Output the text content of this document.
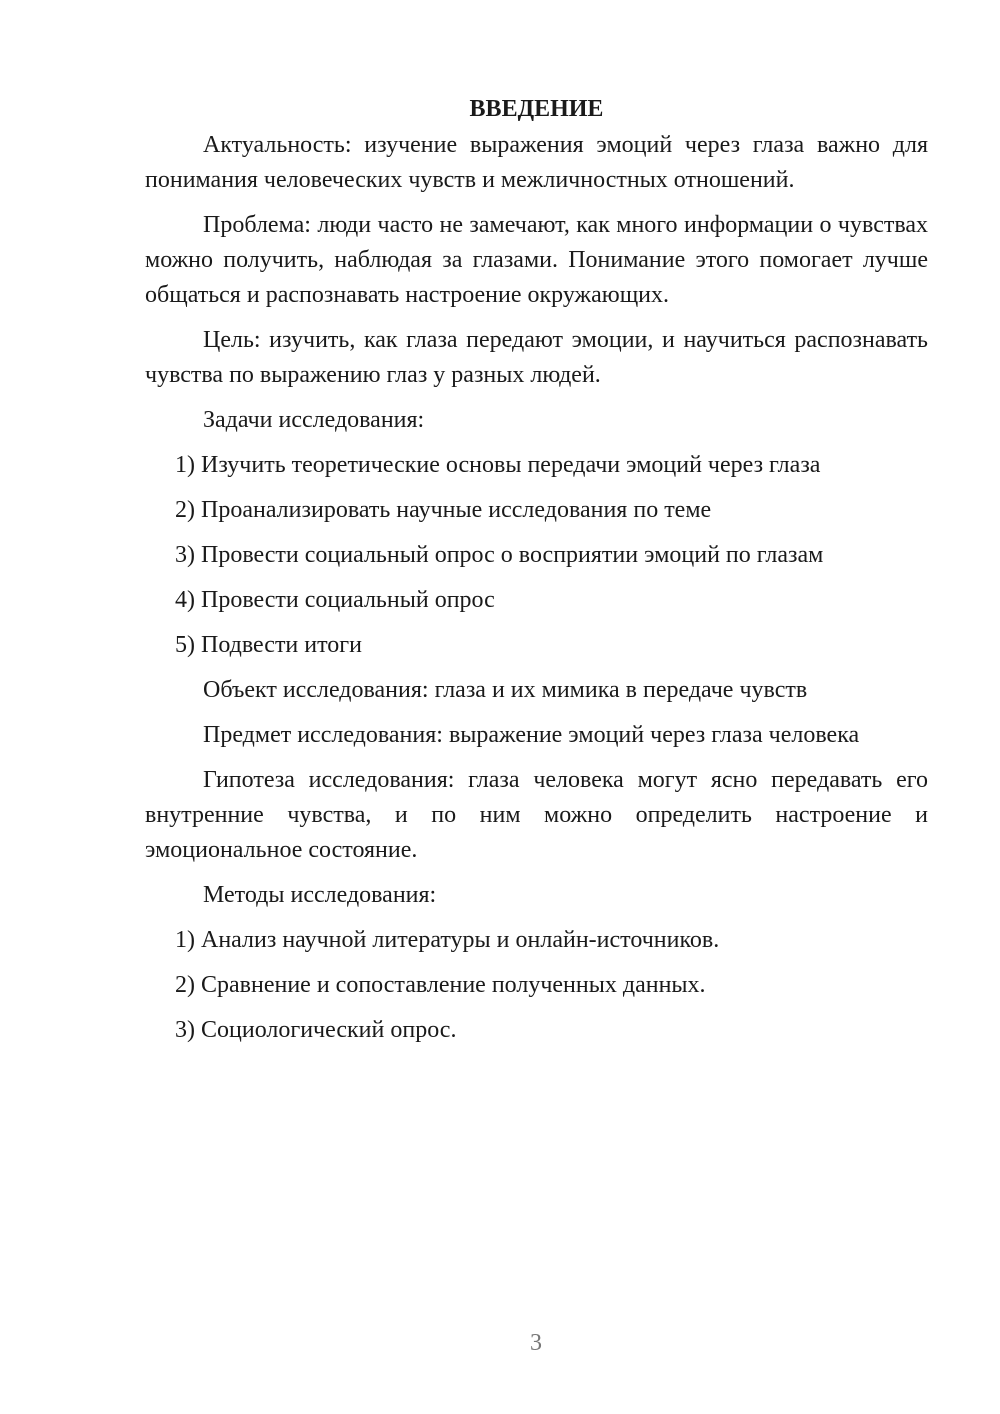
ВВЕДЕНИЕ

Актуальность: изучение выражения эмоций через глаза важно для понимания человеческих чувств и межличностных отношений.

Проблема: люди часто не замечают, как много информации о чувствах можно получить, наблюдая за глазами. Понимание этого помогает лучше общаться и распознавать настроение окружающих.

Цель: изучить, как глаза передают эмоции, и научиться распознавать чувства по выражению глаз у разных людей.

Задачи исследования:

1) Изучить теоретические основы передачи эмоций через глаза

2) Проанализировать научные исследования по теме

3) Провести социальный опрос о восприятии эмоций по глазам

4) Провести социальный опрос

5) Подвести итоги

Объект исследования: глаза и их мимика в передаче чувств

Предмет исследования: выражение эмоций через глаза человека

Гипотеза исследования: глаза человека могут ясно передавать его внутренние чувства, и по ним можно определить настроение и эмоциональное состояние.

Методы исследования:

1) Анализ научной литературы и онлайн-источников.

2) Сравнение и сопоставление полученных данных.

3) Социологический опрос.

3
